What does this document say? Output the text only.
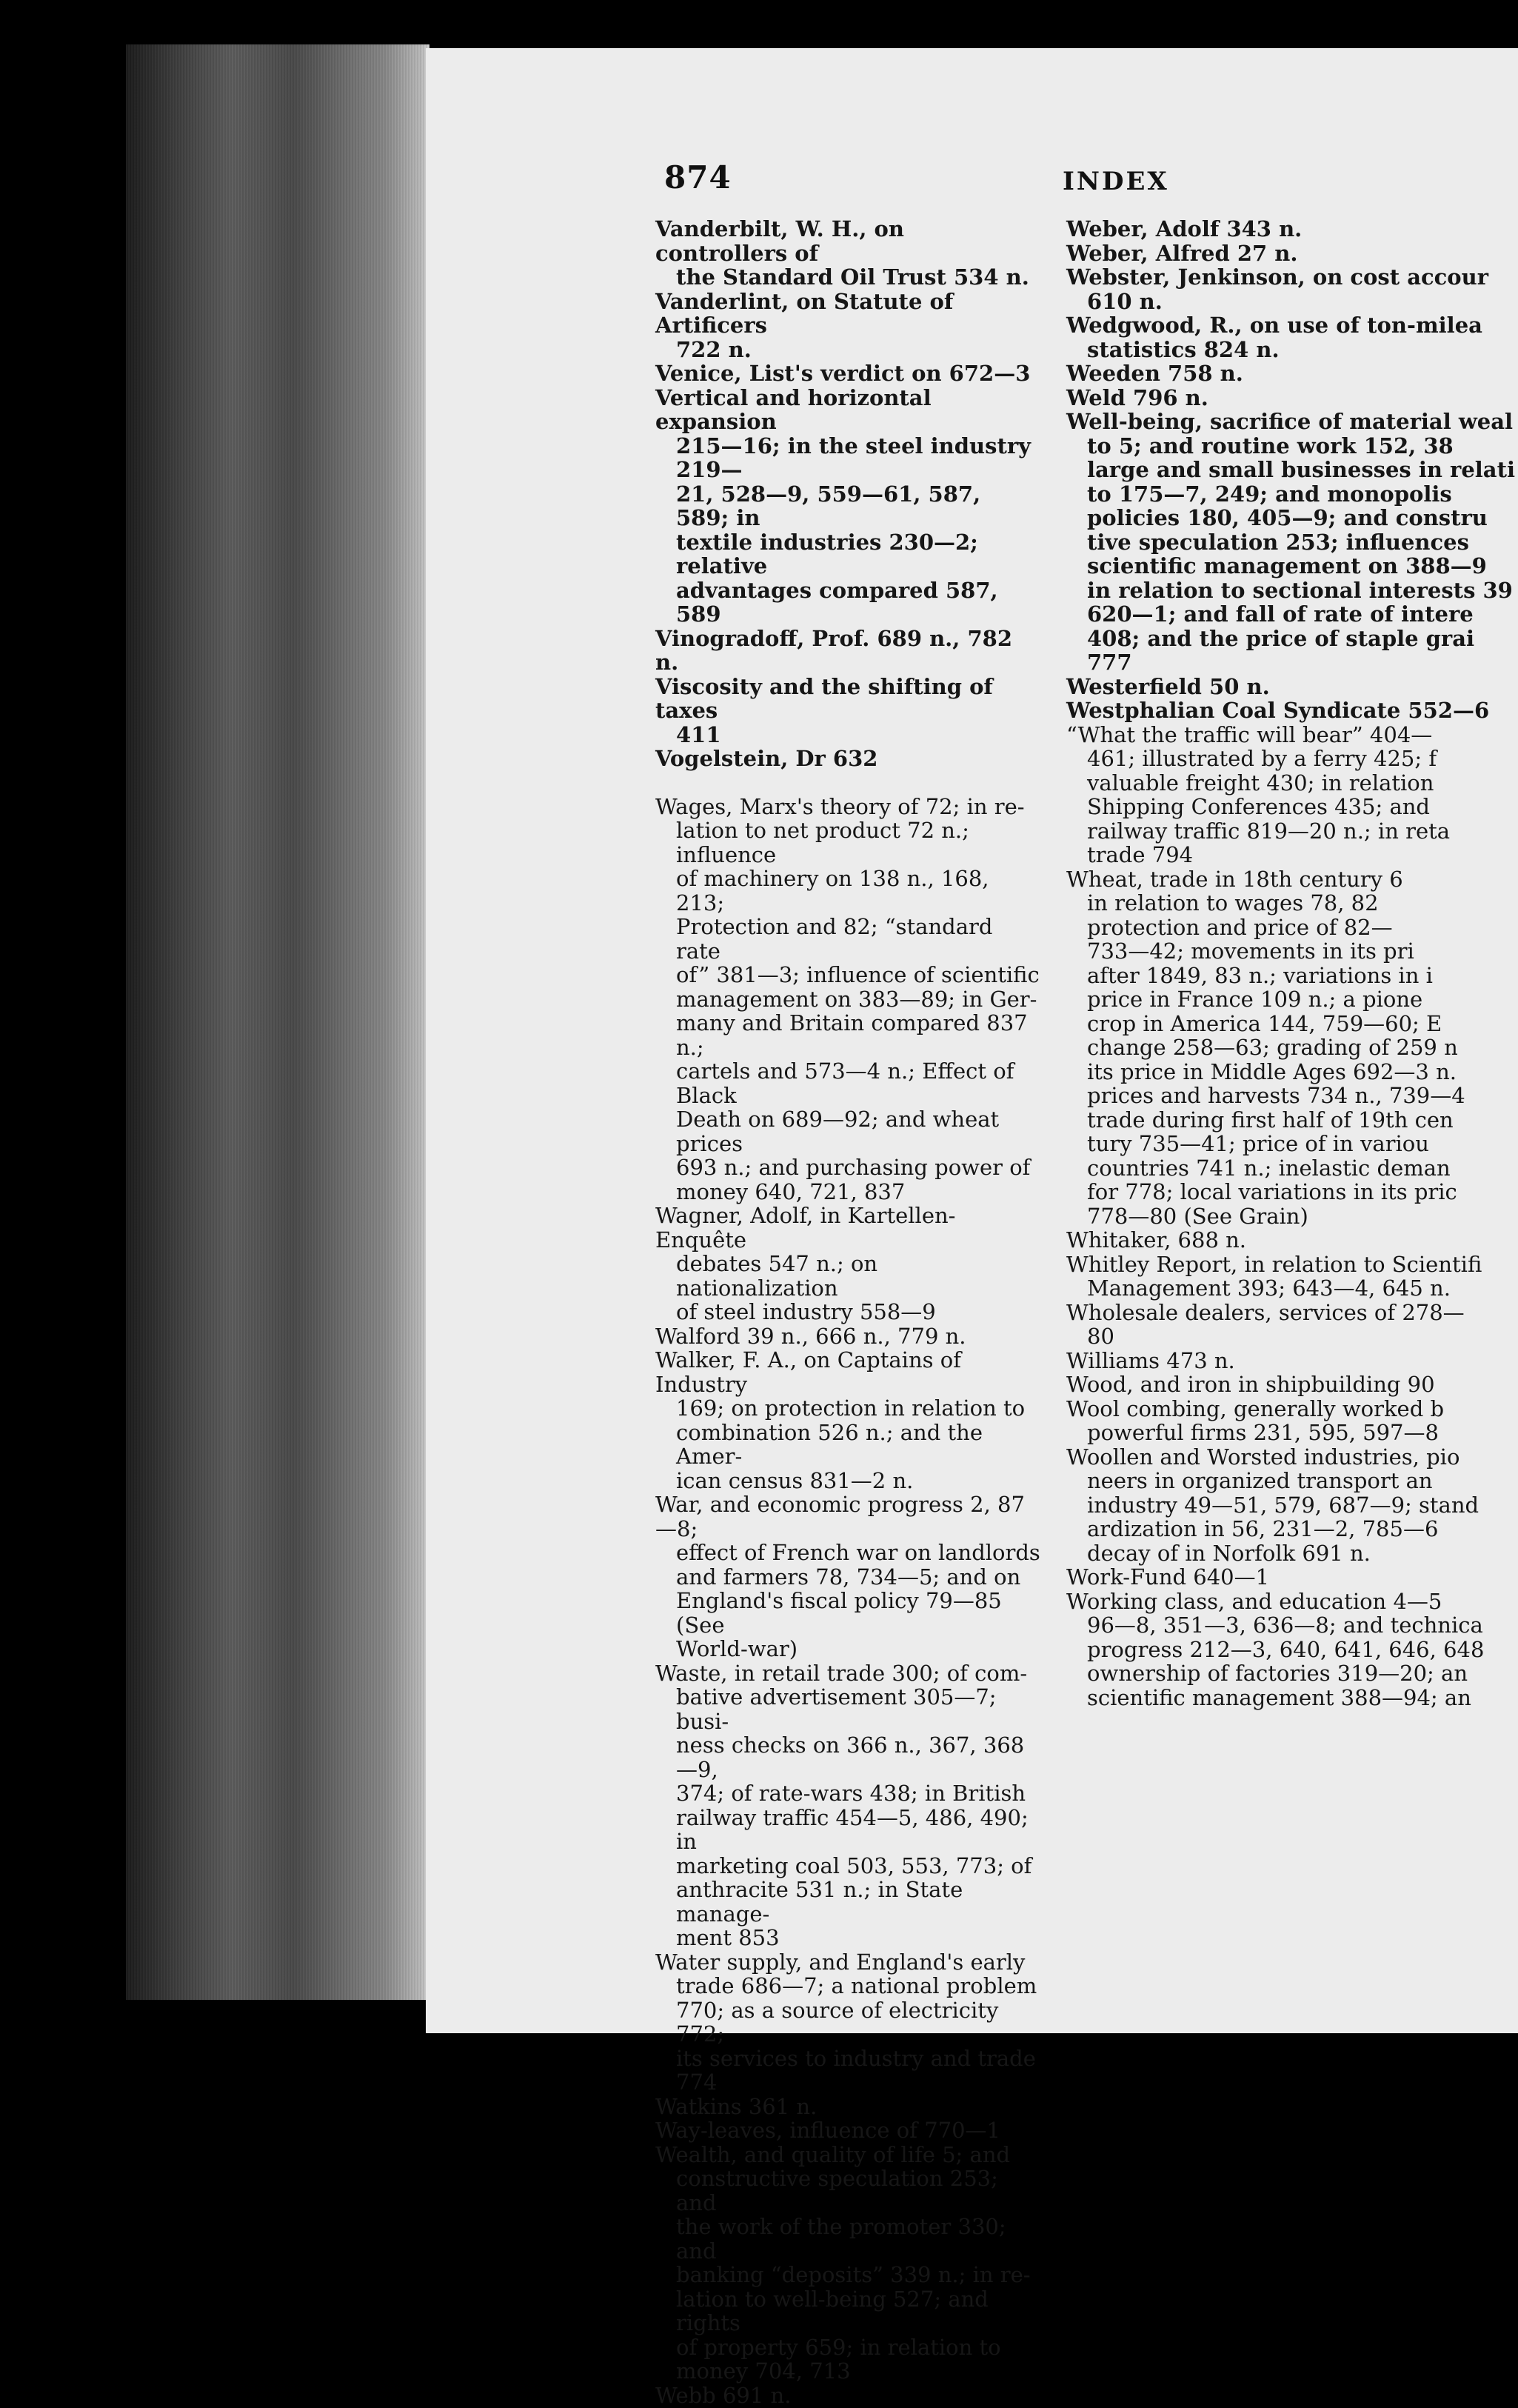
874	INDEX
Vanderbilt, W. H., on controllers of
the Standard Oil Trust 534 n.
Vanderlint, on Statute of Artificers
722 n.
Venice, List's verdict on 672—3
Vertical and horizontal expansion
215—16; in the steel industry 219—
21, 528—9, 559—61, 587, 589; in
textile industries 230—2; relative
advantages compared 587, 589
Vinogradoff, Prof. 689 n., 782 n.
Viscosity and the shifting of taxes
411
Vogelstein, Dr 632
Wages, Marx's theory of 72; in re-
lation to net product 72 n.; influence
of machinery on 138 n., 168, 213;
Protection and 82; “standard rate
of” 381—3; influence of scientific
management on 383—89; in Ger-
many and Britain compared 837 n.;
cartels and 573—4 n.; Effect of Black
Death on 689—92; and wheat prices
693 n.; and purchasing power of
money 640, 721, 837
Wagner, Adolf, in Kartellen-Enquête
debates 547 n.; on nationalization
of steel industry 558—9
Walford 39 n., 666 n., 779 n.
Walker, F. A., on Captains of Industry
169; on protection in relation to
combination 526 n.; and the Amer-
ican census 831—2 n.
War, and economic progress 2, 87—8;
effect of French war on landlords
and farmers 78, 734—5; and on
England's fiscal policy 79—85 (See
World-war)
Waste, in retail trade 300; of com-
bative advertisement 305—7; busi-
ness checks on 366 n., 367, 368—9,
374; of rate-wars 438; in British
railway traffic 454—5, 486, 490; in
marketing coal 503, 553, 773; of
anthracite 531 n.; in State manage-
ment 853
Water supply, and England's early
trade 686—7; a national problem
770; as a source of electricity 772;
its services to industry and trade
774
Watkins 361 n.
Way-leaves, influence of 770—1
Wealth, and quality of life 5; and
constructive speculation 253; and
the work of the promoter 330; and
banking “deposits” 339 n.; in re-
lation to well-being 527; and rights
of property 659; in relation to
money 704, 713
Webb 691 n.
Weber, Adolf 343 n.
Weber, Alfred 27 n.
Webster, Jenkinson, on cost accour
610 n.
Wedgwood, R., on use of ton-milea
statistics 824 n.
Weeden 758 n.
Weld 796 n.
Well-being, sacrifice of material weal
to 5; and routine work 152, 38
large and small businesses in relati
to 175—7, 249; and monopolis
policies 180, 405—9; and constru
tive speculation 253; influences
scientific management on 388—9
in relation to sectional interests 39
620—1; and fall of rate of intere
408; and the price of staple grai
777
Westerfield 50 n.
Westphalian Coal Syndicate 552—6
“What the traffic will bear” 404—
461; illustrated by a ferry 425; f
valuable freight 430; in relation
Shipping Conferences 435; and
railway traffic 819—20 n.; in reta
trade 794
Wheat, trade in 18th century 6
in relation to wages 78, 82
protection and price of 82—
733—42; movements in its pri
after 1849, 83 n.; variations in i
price in France 109 n.; a pione
crop in America 144, 759—60; E
change 258—63; grading of 259 n
its price in Middle Ages 692—3 n.
prices and harvests 734 n., 739—4
trade during first half of 19th cen
tury 735—41; price of in variou
countries 741 n.; inelastic deman
for 778; local variations in its pric
778—80 (See Grain)
Whitaker, 688 n.
Whitley Report, in relation to Scientifi
Management 393; 643—4, 645 n.
Wholesale dealers, services of 278—
80
Williams 473 n.
Wood, and iron in shipbuilding 90
Wool combing, generally worked b
powerful firms 231, 595, 597—8
Woollen and Worsted industries, pio
neers in organized transport an
industry 49—51, 579, 687—9; stand
ardization in 56, 231—2, 785—6
decay of in Norfolk 691 n.
Work-Fund 640—1
Working class, and education 4—5
96—8, 351—3, 636—8; and technica
progress 212—3, 640, 641, 646, 648
ownership of factories 319—20; an
scientific management 388—94; an
